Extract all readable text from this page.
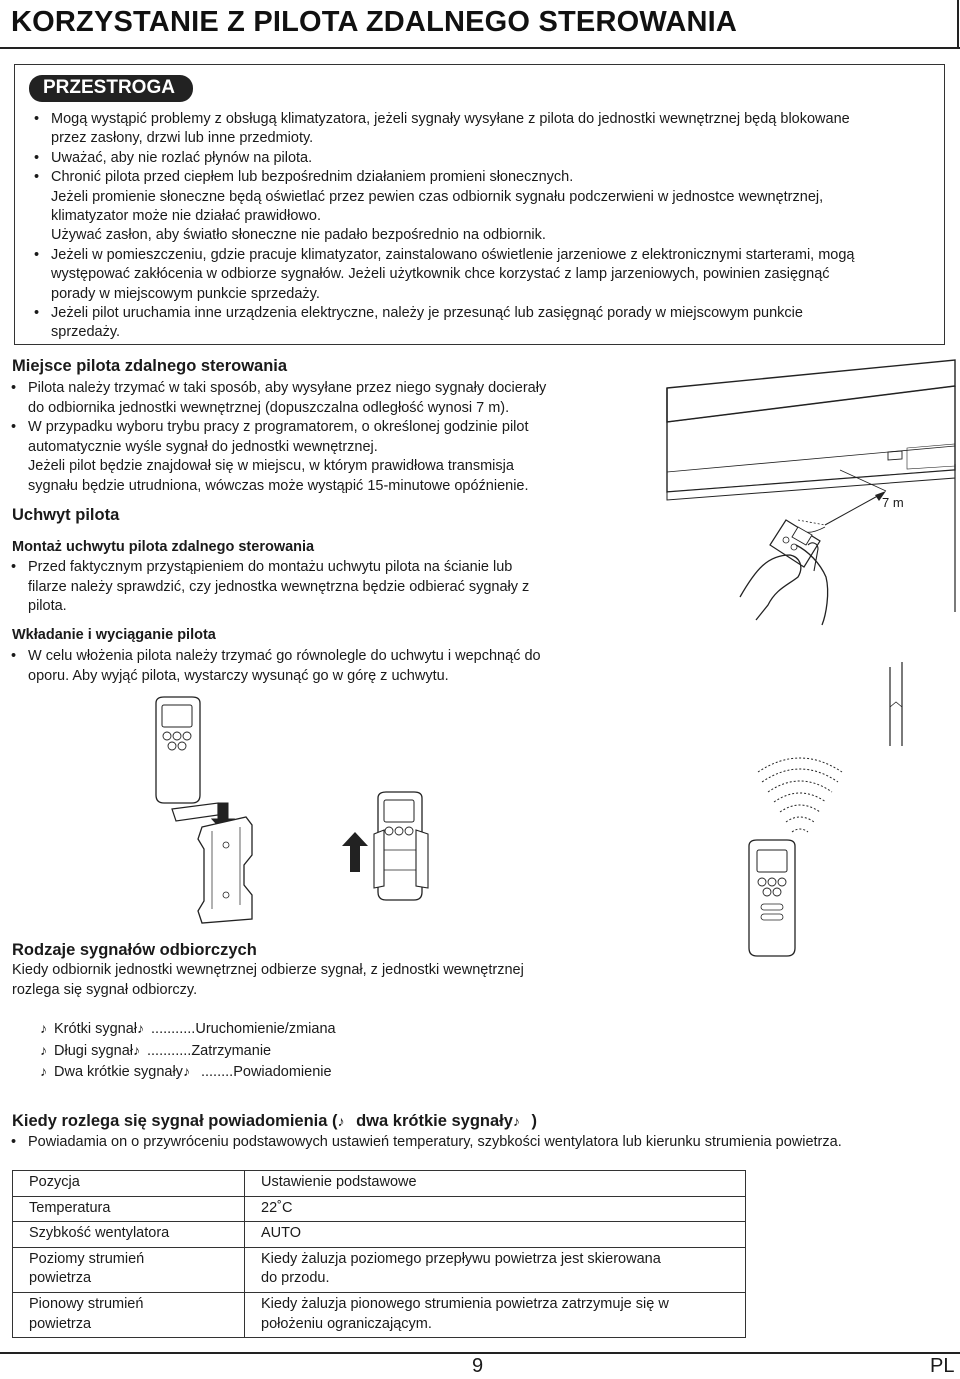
KORZYSTANIE Z PILOTA ZDALNEGO STEROWANIA
PRZESTROGA
• Mogą wystąpić problemy z obsługą klimatyzatora, jeżeli sygnały wysyłane z pilota do jednostki wewnętrznej będą blokowane
przez zasłony, drzwi lub inne przedmioty.
• Uważać, aby nie rozlać płynów na pilota.
• Chronić pilota przed ciepłem lub bezpośrednim działaniem promieni słonecznych.
Jeżeli promienie słoneczne będą oświetlać przez pewien czas odbiornik sygnału podczerwieni w jednostce wewnętrznej,
klimatyzator może nie działać prawidłowo.
Używać zasłon, aby światło słoneczne nie padało bezpośrednio na odbiornik.
• Jeżeli w pomieszczeniu, gdzie pracuje klimatyzator, zainstalowano oświetlenie jarzeniowe z elektronicznymi starterami, mogą
występować zakłócenia w odbiorze sygnałów. Jeżeli użytkownik chce korzystać z lamp jarzeniowych, powinien zasięgnąć
porady w miejscowym punkcie sprzedaży.
• Jeżeli pilot uruchamia inne urządzenia elektryczne, należy je przesunąć lub zasięgnąć porady w miejscowym punkcie
sprzedaży.
Miejsce pilota zdalnego sterowania
• Pilota należy trzymać w taki sposób, aby wysyłane przez niego sygnały docierały
do odbiornika jednostki wewnętrznej (dopuszczalna odległość wynosi 7 m).
• W przypadku wyboru trybu pracy z programatorem, o określonej godzinie pilot
automatycznie wyśle sygnał do jednostki wewnętrznej.
Jeżeli pilot będzie znajdował się w miejscu, w którym prawidłowa transmisja
sygnału będzie utrudniona, wówczas może wystąpić 15-minutowe opóźnienie.
Uchwyt pilota
Montaż uchwytu pilota zdalnego sterowania
• Przed faktycznym przystąpieniem do montażu uchwytu pilota na ścianie lub
filarze należy sprawdzić, czy jednostka wewnętrzna będzie odbierać sygnały z
pilota.
Wkładanie i wyciąganie pilota
• W celu włożenia pilota należy trzymać go równolegle do uchwytu i wepchnąć do
oporu. Aby wyjąć pilota, wystarczy wysunąć go w górę z uchwytu.
7 m
Rodzaje sygnałów odbiorczych
Kiedy odbiornik jednostki wewnętrznej odbierze sygnał, z jednostki wewnętrznej
rozlega się sygnał odbiorczy.
♪ Krótki sygnał♪ ...........Uruchomienie/zmiana
♪ Długi sygnał♪ ...........Zatrzymanie
♪ Dwa krótkie sygnały♪ ........Powiadomienie
Kiedy rozlega się sygnał powiadomienia (♪ dwa krótkie sygnały♪ )
• Powiadamia on o przywróceniu podstawowych ustawień temperatury, szybkości wentylatora lub kierunku strumienia powietrza.
Pozycja	Ustawienie podstawowe
Temperatura	22˚C
Szybkość wentylatora	AUTO
Poziomy strumień
powietrza	Kiedy żaluzja poziomego przepływu powietrza jest skierowana
do przodu.
Pionowy strumień
powietrza	Kiedy żaluzja pionowego strumienia powietrza zatrzymuje się w
położeniu ograniczającym.
9	PL
